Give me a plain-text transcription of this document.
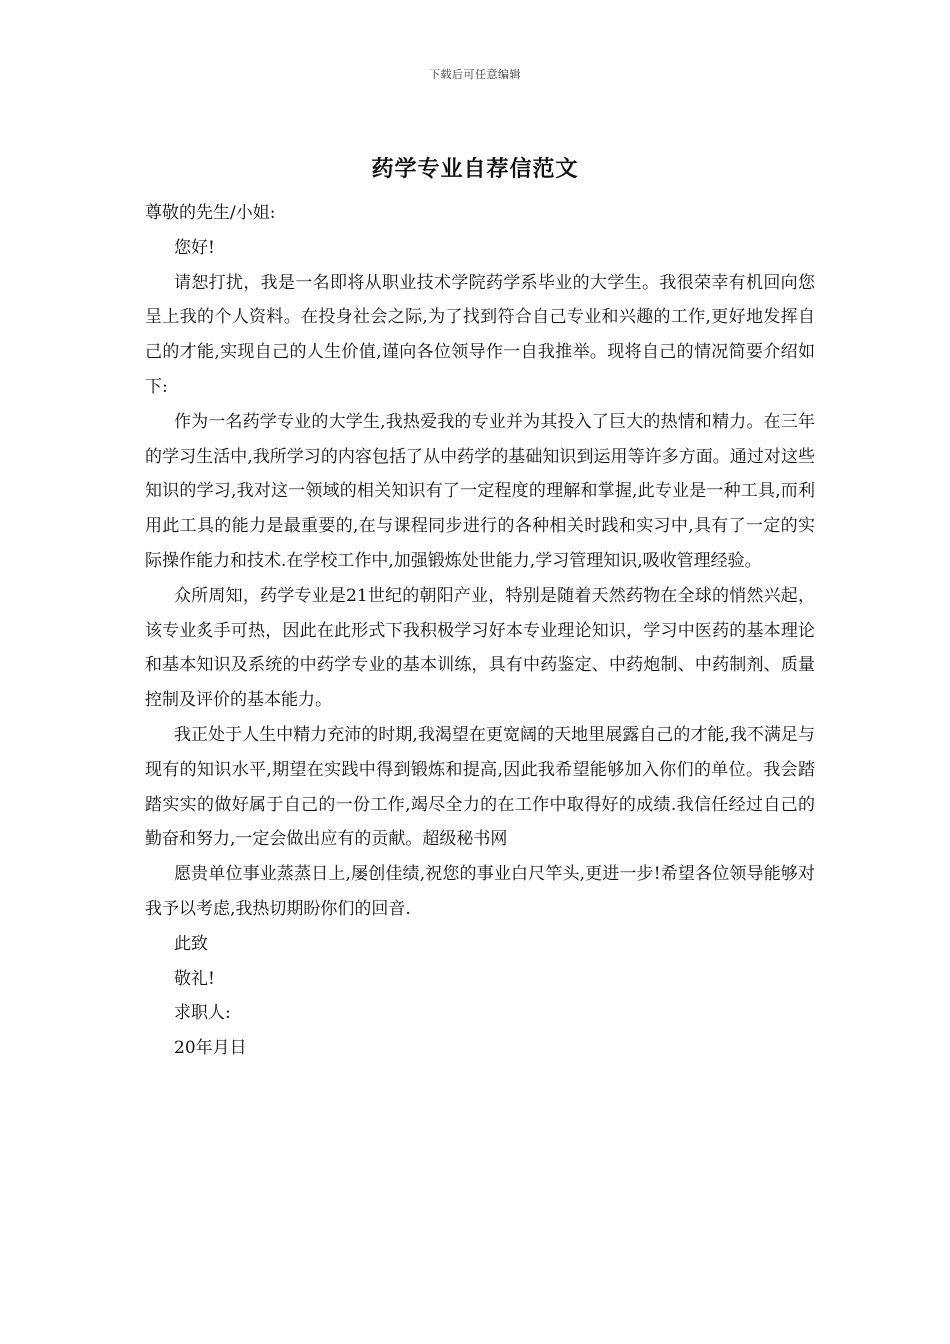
下载后可任意编辑
药学专业自荐信范文

尊敬的先生/小姐:

您好!

请恕打扰，我是一名即将从职业技术学院药学系毕业的大学生。我很荣幸有机回向您呈上我的个人资料。在投身社会之际,为了找到符合自己专业和兴趣的工作,更好地发挥自己的才能,实现自己的人生价值,谨向各位领导作一自我推举。现将自己的情况简要介绍如下:

作为一名药学专业的大学生,我热爱我的专业并为其投入了巨大的热情和精力。在三年的学习生活中,我所学习的内容包括了从中药学的基础知识到运用等许多方面。通过对这些知识的学习,我对这一领域的相关知识有了一定程度的理解和掌握,此专业是一种工具,而利用此工具的能力是最重要的,在与课程同步进行的各种相关时践和实习中,具有了一定的实际操作能力和技术.在学校工作中,加强锻炼处世能力,学习管理知识,吸收管理经验。

众所周知，药学专业是21世纪的朝阳产业，特别是随着天然药物在全球的悄然兴起，该专业炙手可热，因此在此形式下我积极学习好本专业理论知识，学习中医药的基本理论和基本知识及系统的中药学专业的基本训练，具有中药鉴定、中药炮制、中药制剂、质量控制及评价的基本能力。

我正处于人生中精力充沛的时期,我渴望在更宽阔的天地里展露自己的才能,我不满足与现有的知识水平,期望在实践中得到锻炼和提高,因此我希望能够加入你们的单位。我会踏踏实实的做好属于自己的一份工作,竭尽全力的在工作中取得好的成绩.我信任经过自己的勤奋和努力,一定会做出应有的贡献。超级秘书网

愿贵单位事业蒸蒸日上,屡创佳绩,祝您的事业白尺竿头,更进一步!希望各位领导能够对我予以考虑,我热切期盼你们的回音.

此致

敬礼!

求职人:

20年月日
